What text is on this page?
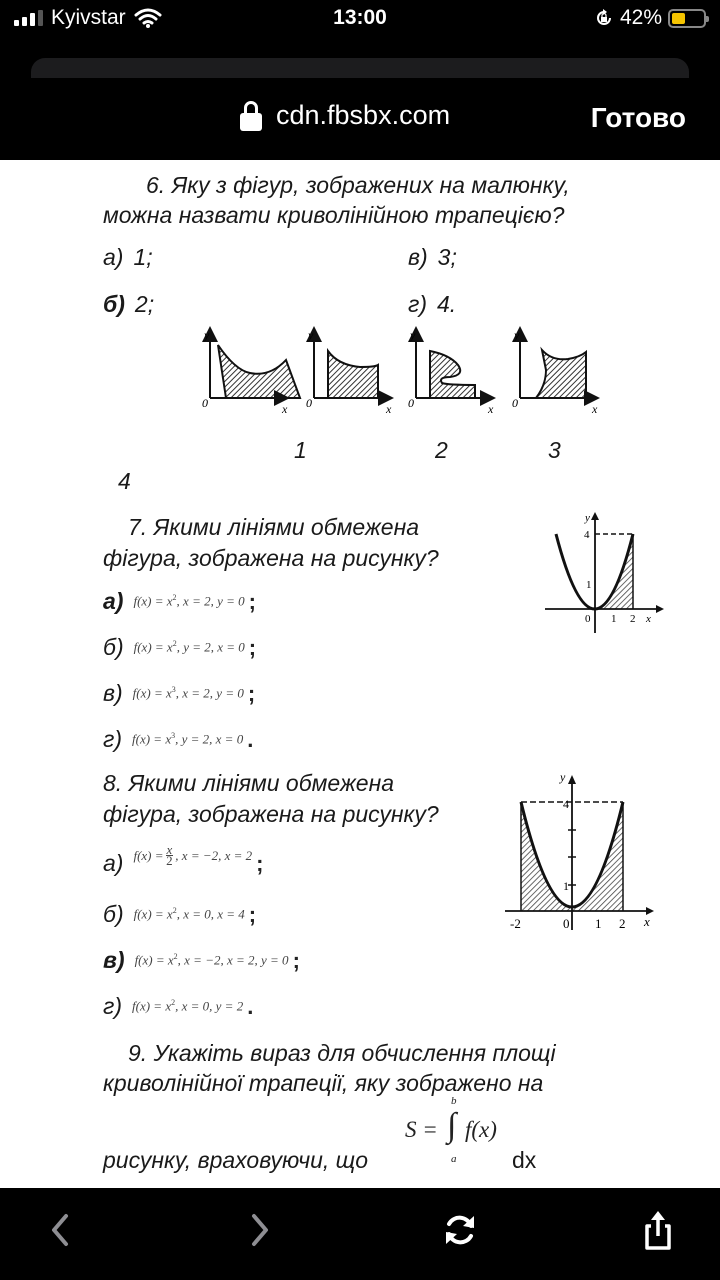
Kyivstar	13:00	42%
cdn.fbsbx.com	Готово
6. Яку з фігур, зображених на малюнку,
можна назвати криволінійною трапецією?
а) 1;	в) 3;
б) 2;	г) 4.
y
0	x
y
0	x
y
0	x
y
0	x
1	2	3
4
7. Якими лініями обмежена
фігура, зображена на рисунку?
а) $f(x) = x^2$, x = 2, y = 0 ;
б) $f(x) = x^2$, y = 2, x = 0 ;
в) $f(x) = x^3$, x = 2, y = 0 ;
г) $f(x) = x^3$, y = 2, x = 0 .
y
4
1
0 1 2 x
8. Якими лініями обмежена
фігура, зображена на рисунку?
а) $f(x) = \frac{x}{2}$ , x = −2, x = 2 ;
б) $f(x) = x^2$, x = 0, x = 4 ;
в) $f(x) = x^2$, x = −2, x = 2, y = 0 ;
г) $f(x) = x^2$, x = 0, y = 2 .
y
4
1
-2	0 1 2 x
9. Укажіть вираз для обчислення площі
криволінійної трапеції, яку зображено на
рисунку, враховуючи, що
S = ∫
b
a
f(x)
dx
